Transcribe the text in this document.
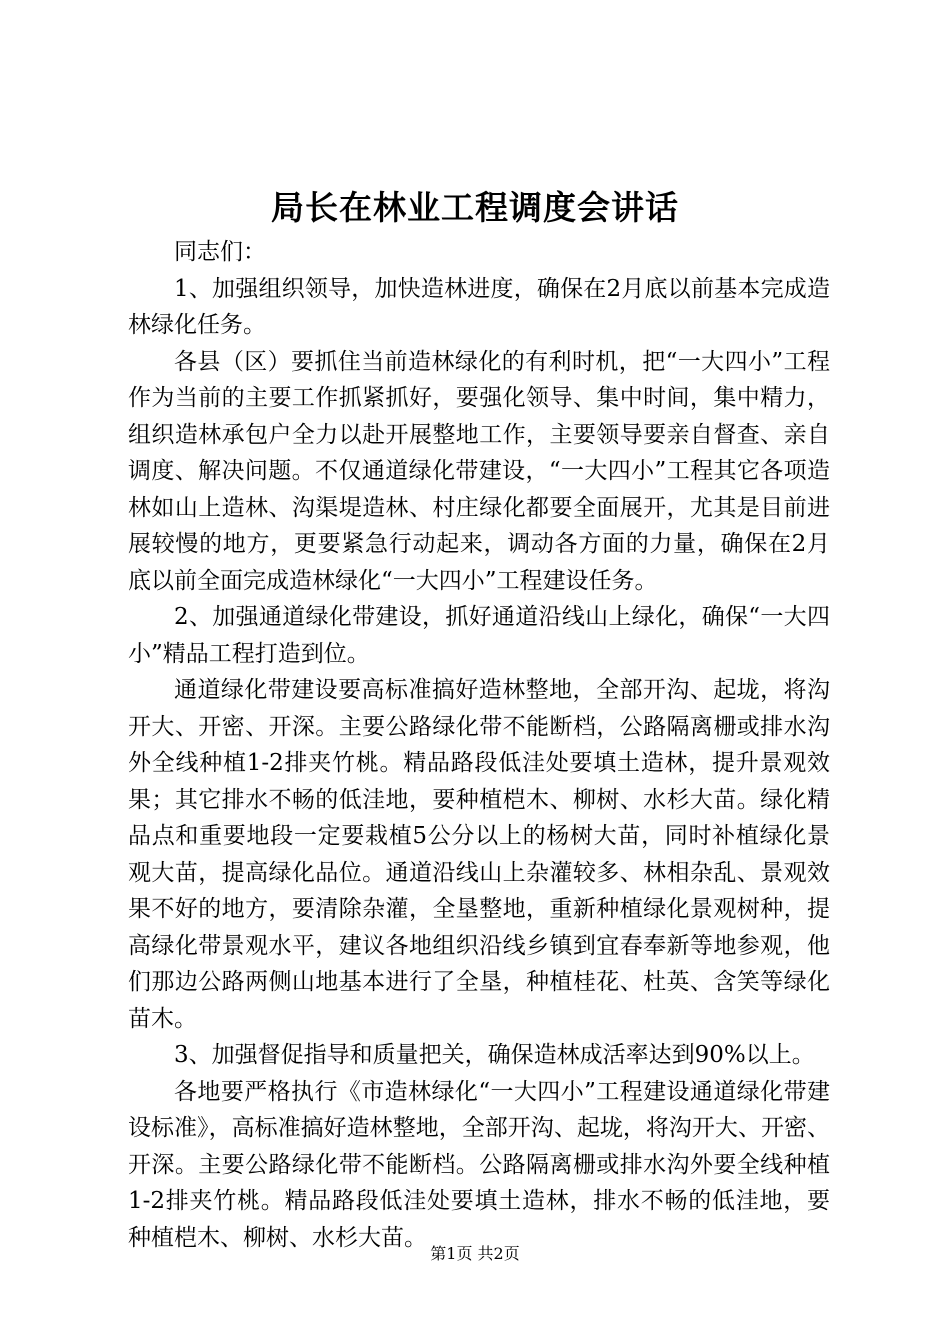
局长在林业工程调度会讲话

同志们：

1、加强组织领导，加快造林进度，确保在2月底以前基本完成造林绿化任务。

各县（区）要抓住当前造林绿化的有利时机，把“一大四小”工程作为当前的主要工作抓紧抓好，要强化领导、集中时间，集中精力，组织造林承包户全力以赴开展整地工作，主要领导要亲自督查、亲自调度、解决问题。不仅通道绿化带建设，“一大四小”工程其它各项造林如山上造林、沟渠堤造林、村庄绿化都要全面展开，尤其是目前进展较慢的地方，更要紧急行动起来，调动各方面的力量，确保在2月底以前全面完成造林绿化“一大四小”工程建设任务。

2、加强通道绿化带建设，抓好通道沿线山上绿化，确保“一大四小”精品工程打造到位。

通道绿化带建设要高标准搞好造林整地，全部开沟、起垅，将沟开大、开密、开深。主要公路绿化带不能断档，公路隔离栅或排水沟外全线种植1-2排夹竹桃。精品路段低洼处要填土造林，提升景观效果；其它排水不畅的低洼地，要种植桤木、柳树、水杉大苗。绿化精品点和重要地段一定要栽植5公分以上的杨树大苗，同时补植绿化景观大苗，提高绿化品位。通道沿线山上杂灌较多、林相杂乱、景观效果不好的地方，要清除杂灌，全垦整地，重新种植绿化景观树种，提高绿化带景观水平，建议各地组织沿线乡镇到宜春奉新等地参观，他们那边公路两侧山地基本进行了全垦，种植桂花、杜英、含笑等绿化苗木。

3、加强督促指导和质量把关，确保造林成活率达到90%以上。

各地要严格执行《市造林绿化“一大四小”工程建设通道绿化带建设标准》，高标准搞好造林整地，全部开沟、起垅，将沟开大、开密、开深。主要公路绿化带不能断档。公路隔离栅或排水沟外要全线种植1-2排夹竹桃。精品路段低洼处要填土造林，排水不畅的低洼地，要种植桤木、柳树、水杉大苗。

第1页 共2页
